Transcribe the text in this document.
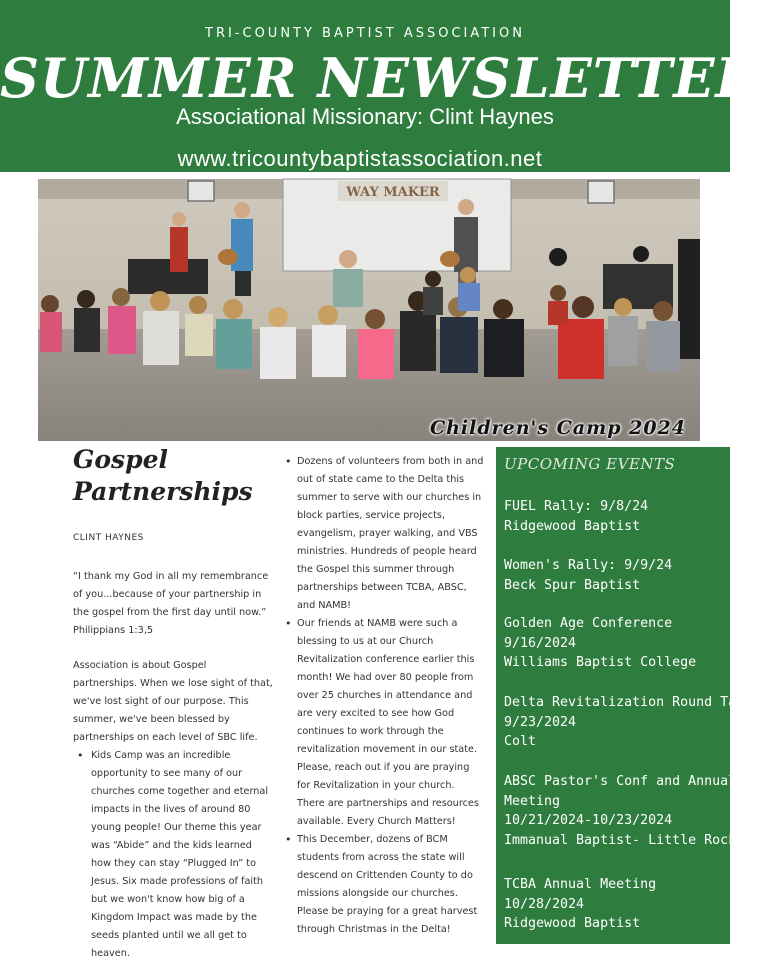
TRI-COUNTY BAPTIST ASSOCIATION
SUMMER NEWSLETTER
Associational Missionary: Clint Haynes
www.tricountybaptistassociation.net
WAY MAKER
Children's Camp 2024
Gospel Partnerships
CLINT HAYNES
“I thank my God in all my remembrance of you...because of your partnership in the gospel from the first day until now.” Philippians 1:3,5
Association is about Gospel partnerships. When we lose sight of that, we've lost sight of our purpose. This summer, we've been blessed by partnerships on each level of SBC life.
• Kids Camp was an incredible opportunity to see many of our churches come together and eternal impacts in the lives of around 80 young people! Our theme this year was “Abide” and the kids learned how they can stay “Plugged In” to Jesus. Six made professions of faith but we won't know how big of a Kingdom Impact was made by the seeds planted until we all get to heaven.
• Dozens of volunteers from both in and out of state came to the Delta this summer to serve with our churches in block parties, service projects, evangelism, prayer walking, and VBS ministries. Hundreds of people heard the Gospel this summer through partnerships between TCBA, ABSC, and NAMB!
• Our friends at NAMB were such a blessing to us at our Church Revitalization conference earlier this month! We had over 80 people from over 25 churches in attendance and are very excited to see how God continues to work through the revitalization movement in our state. Please, reach out if you are praying for Revitalization in your church. There are partnerships and resources available. Every Church Matters!
• This December, dozens of BCM students from across the state will descend on Crittenden County to do missions alongside our churches. Please be praying for a great harvest through Christmas in the Delta!
UPCOMING EVENTS
FUEL Rally: 9/8/24
Ridgewood Baptist
Women's Rally: 9/9/24
Beck Spur Baptist
Golden Age Conference
9/16/2024
Williams Baptist College
Delta Revitalization Round Table
9/23/2024
Colt
ABSC Pastor's Conf and Annual
Meeting
10/21/2024-10/23/2024
Immanual Baptist- Little Rock
TCBA Annual Meeting
10/28/2024
Ridgewood Baptist
